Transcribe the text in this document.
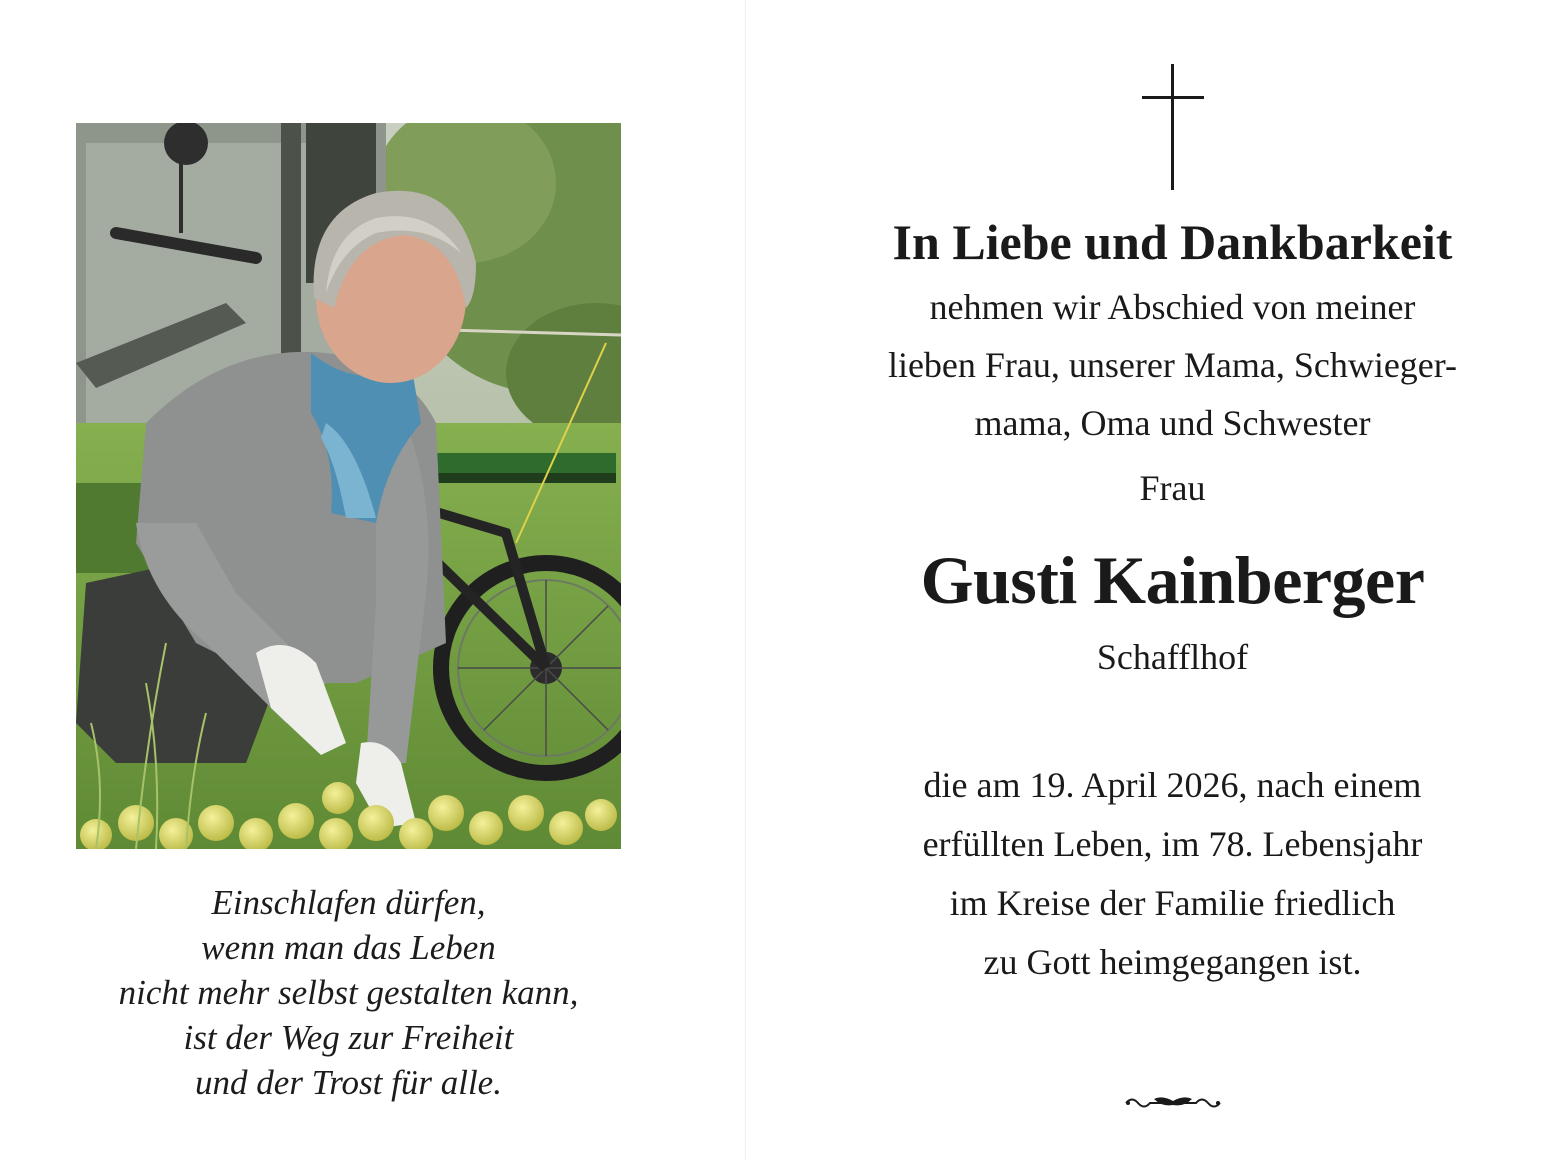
Einschlafen dürfen,
wenn man das Leben
nicht mehr selbst gestalten kann,
ist der Weg zur Freiheit
und der Trost für alle.
In Liebe und Dankbarkeit
nehmen wir Abschied von meiner
lieben Frau, unserer Mama, Schwieger-
mama, Oma und Schwester
Frau
Gusti Kainberger
Schafflhof
die am 19. April 2026, nach einem
erfüllten Leben, im 78. Lebensjahr
im Kreise der Familie friedlich
zu Gott heimgegangen ist.
